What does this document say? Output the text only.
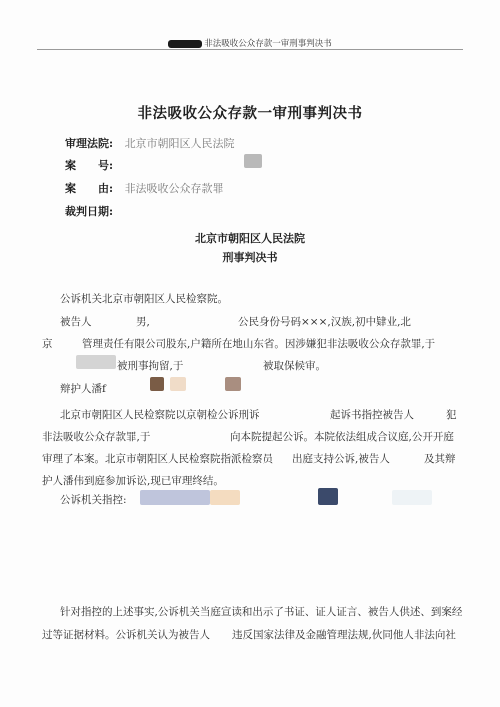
非法吸收公众存款一审刑事判决书
非法吸收公众存款一审刑事判决书
审理法院: 北京市朝阳区人民法院
案　　号:
案　　由: 非法吸收公众存款罪
裁判日期:
北京市朝阳区人民法院
刑事判决书
公诉机关北京市朝阳区人民检察院。
被告人	男,	公民身份号码×××,汉族,初中肄业,北
京	管理责任有限公司股东,户籍所在地山东省。因涉嫌犯非法吸收公众存款罪,于
被刑事拘留,于	被取保候审。
辩护人潘f
北京市朝阳区人民检察院以京朝检公诉刑诉	起诉书指控被告人	犯
非法吸收公众存款罪,于	向本院提起公诉。本院依法组成合议庭,公开开庭
审理了本案。北京市朝阳区人民检察院指派检察员 出庭支持公诉,被告人	及其辩
护人潘伟到庭参加诉讼,现已审理终结。
公诉机关指控:
针对指控的上述事实,公诉机关当庭宣读和出示了书证、证人证言、被告人供述、到案经
过等证据材料。公诉机关认为被告人 违反国家法律及金融管理法规,伙同他人非法向社
